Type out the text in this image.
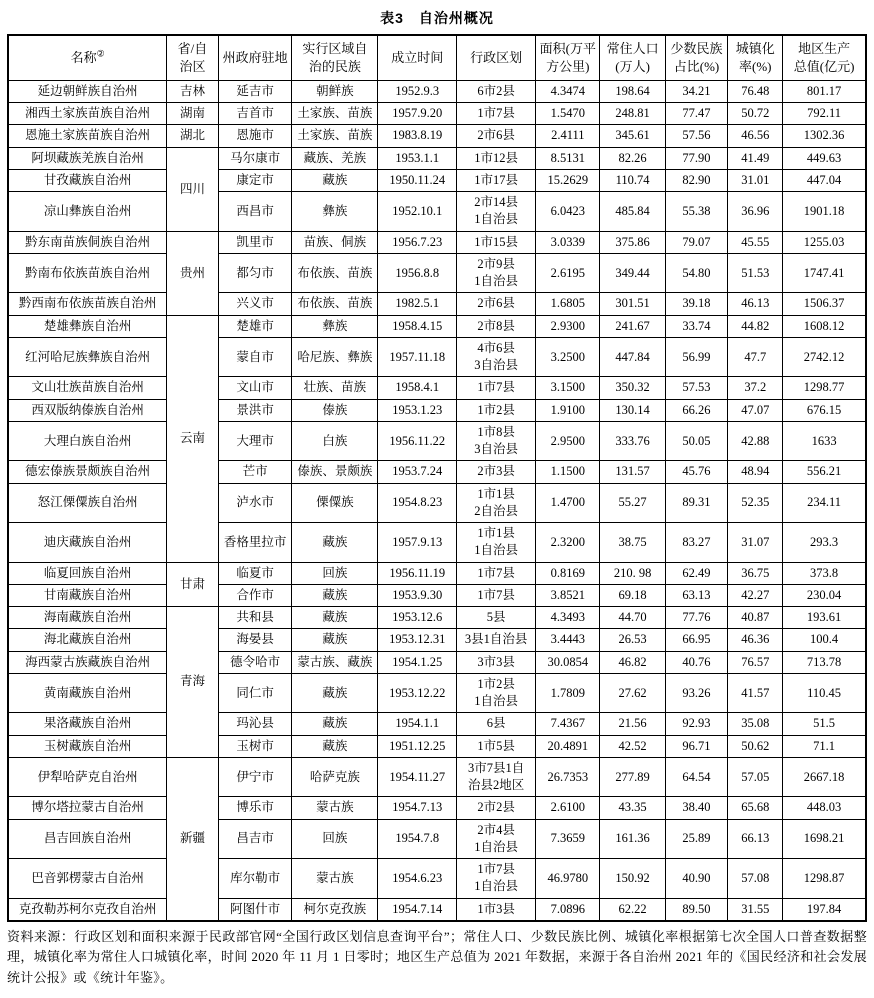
表3　自治州概况
名称②	省/自
治区	州政府驻地	实行区域自
治的民族	成立时间	行政区划	面积(万平
方公里)	常住人口
(万人)	少数民族
占比(%)	城镇化
率(%)	地区生产
总值(亿元)
延边朝鲜族自治州	吉林	延吉市	朝鲜族	1952.9.3	6市2县	4.3474	198.64	34.21	76.48	801.17
湘西土家族苗族自治州	湖南	吉首市	土家族、苗族	1957.9.20	1市7县	1.5470	248.81	77.47	50.72	792.11
恩施土家族苗族自治州	湖北	恩施市	土家族、苗族	1983.8.19	2市6县	2.4111	345.61	57.56	46.56	1302.36
阿坝藏族羌族自治州	四川	马尔康市	藏族、羌族	1953.1.1	1市12县	8.5131	82.26	77.90	41.49	449.63
甘孜藏族自治州		康定市	藏族	1950.11.24	1市17县	15.2629	110.74	82.90	31.01	447.04
凉山彝族自治州		西昌市	彝族	1952.10.1	2市14县
1自治县	6.0423	485.84	55.38	36.96	1901.18
黔东南苗族侗族自治州	贵州	凯里市	苗族、侗族	1956.7.23	1市15县	3.0339	375.86	79.07	45.55	1255.03
黔南布依族苗族自治州		都匀市	布依族、苗族	1956.8.8	2市9县
1自治县	2.6195	349.44	54.80	51.53	1747.41
黔西南布依族苗族自治州		兴义市	布依族、苗族	1982.5.1	2市6县	1.6805	301.51	39.18	46.13	1506.37
楚雄彝族自治州	云南	楚雄市	彝族	1958.4.15	2市8县	2.9300	241.67	33.74	44.82	1608.12
红河哈尼族彝族自治州		蒙自市	哈尼族、彝族	1957.11.18	4市6县
3自治县	3.2500	447.84	56.99	47.7	2742.12
文山壮族苗族自治州		文山市	壮族、苗族	1958.4.1	1市7县	3.1500	350.32	57.53	37.2	1298.77
西双版纳傣族自治州		景洪市	傣族	1953.1.23	1市2县	1.9100	130.14	66.26	47.07	676.15
大理白族自治州		大理市	白族	1956.11.22	1市8县
3自治县	2.9500	333.76	50.05	42.88	1633
德宏傣族景颇族自治州		芒市	傣族、景颇族	1953.7.24	2市3县	1.1500	131.57	45.76	48.94	556.21
怒江傈僳族自治州		泸水市	傈僳族	1954.8.23	1市1县
2自治县	1.4700	55.27	89.31	52.35	234.11
迪庆藏族自治州		香格里拉市	藏族	1957.9.13	1市1县
1自治县	2.3200	38.75	83.27	31.07	293.3
临夏回族自治州	甘肃	临夏市	回族	1956.11.19	1市7县	0.8169	210. 98	62.49	36.75	373.8
甘南藏族自治州		合作市	藏族	1953.9.30	1市7县	3.8521	69.18	63.13	42.27	230.04
海南藏族自治州	青海	共和县	藏族	1953.12.6	5县	4.3493	44.70	77.76	40.87	193.61
海北藏族自治州		海晏县	藏族	1953.12.31	3县1自治县	3.4443	26.53	66.95	46.36	100.4
海西蒙古族藏族自治州		德令哈市	蒙古族、藏族	1954.1.25	3市3县	30.0854	46.82	40.76	76.57	713.78
黄南藏族自治州		同仁市	藏族	1953.12.22	1市2县
1自治县	1.7809	27.62	93.26	41.57	110.45
果洛藏族自治州		玛沁县	藏族	1954.1.1	6县	7.4367	21.56	92.93	35.08	51.5
玉树藏族自治州		玉树市	藏族	1951.12.25	1市5县	20.4891	42.52	96.71	50.62	71.1
伊犁哈萨克自治州	新疆	伊宁市	哈萨克族	1954.11.27	3市7县1自
治县2地区	26.7353	277.89	64.54	57.05	2667.18
博尔塔拉蒙古自治州		博乐市	蒙古族	1954.7.13	2市2县	2.6100	43.35	38.40	65.68	448.03
昌吉回族自治州		昌吉市	回族	1954.7.8	2市4县
1自治县	7.3659	161.36	25.89	66.13	1698.21
巴音郭楞蒙古自治州		库尔勒市	蒙古族	1954.6.23	1市7县
1自治县	46.9780	150.92	40.90	57.08	1298.87
克孜勒苏柯尔克孜自治州		阿图什市	柯尔克孜族	1954.7.14	1市3县	7.0896	62.22	89.50	31.55	197.84
资料来源：行政区划和面积来源于民政部官网“全国行政区划信息查询平台”；常住人口、少数民族比例、城镇化率根据第七次全国人口普查数据整理，城镇化率为常住人口城镇化率，时间 2020 年 11 月 1 日零时；地区生产总值为 2021 年数据，来源于各自治州 2021 年的《国民经济和社会发展统计公报》或《统计年鉴》。
